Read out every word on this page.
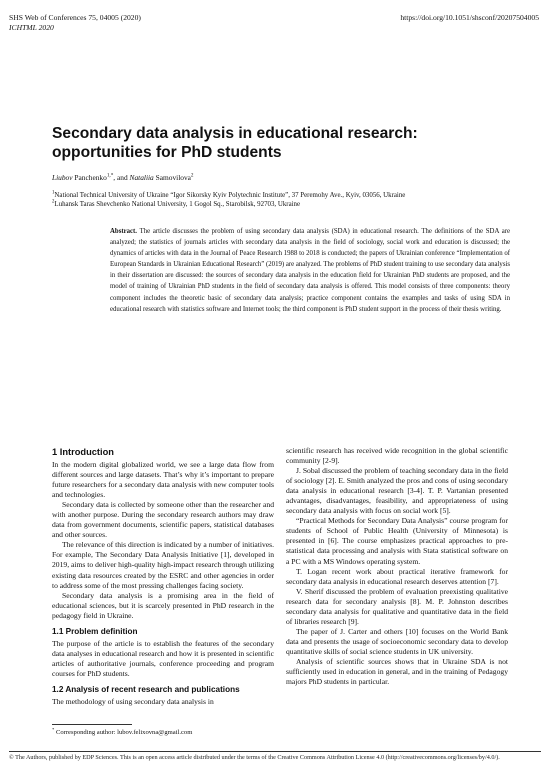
SHS Web of Conferences 75, 04005 (2020)
ICHTML 2020
https://doi.org/10.1051/shsconf/20207504005
Secondary data analysis in educational research: opportunities for PhD students
Liubov Panchenko$^{1,*}$, and Nataliia Samovilova$^2$
$^1$National Technical University of Ukraine “Igor Sikorsky Kyiv Polytechnic Institute”, 37 Peremohy Ave., Kyiv, 03056, Ukraine
$^2$Luhansk Taras Shevchenko National University, 1 Gogol Sq., Starobilsk, 92703, Ukraine
Abstract. The article discusses the problem of using secondary data analysis (SDA) in educational research. The definitions of the SDA are analyzed; the statistics of journals articles with secondary data analysis in the field of sociology, social work and education is discussed; the dynamics of articles with data in the Journal of Peace Research 1988 to 2018 is conducted; the papers of Ukrainian conference “Implementation of European Standards in Ukrainian Educational Research” (2019) are analyzed. The problems of PhD student training to use secondary data analysis in their dissertation are discussed: the sources of secondary data analysis in the education field for Ukrainian PhD students are proposed, and the model of training of Ukrainian PhD students in the field of secondary data analysis is offered. This model consists of three components: theory component includes the theoretic basic of secondary data analysis; practice component contains the examples and tasks of using SDA in educational research with statistics software and Internet tools; the third component is PhD student support in the process of their thesis writing.
1 Introduction

In the modern digital globalized world, we see a large data flow from different sources and large datasets. That’s why it’s important to prepare future researchers for a secondary data analysis with new computer tools and technologies.

Secondary data is collected by someone other than the researcher and with another purpose. During the secondary research authors may draw data from government documents, scientific papers, statistical databases and other sources.

The relevance of this direction is indicated by a number of initiatives. For example, The Secondary Data Analysis Initiative [1], developed in 2019, aims to deliver high-quality high-impact research through utilizing existing data resources created by the ESRC and other agencies in order to address some of the most pressing challenges facing society.

Secondary data analysis is a promising area in the field of educational sciences, but it is scarcely presented in PhD research in the pedagogy field in Ukraine.

1.1 Problem definition

The purpose of the article is to establish the features of the secondary data analyses in educational research and how it is presented in scientific articles of authoritative journals, conference proceeding and program courses for PhD students.

1.2 Analysis of recent research and publications

The methodology of using secondary data analysis in

scientific research has received wide recognition in the global scientific community [2-9].

J. Sobal discussed the problem of teaching secondary data in the field of sociology [2]. E. Smith analyzed the pros and cons of using secondary data analysis in educational research [3-4]. T. P. Vartanian presented advantages, disadvantages, feasibility, and appropriateness of using secondary data analysis with focus on social work [5].

“Practical Methods for Secondary Data Analysis” course program for students of School of Public Health (University of Minnesota) is presented in [6]. The course emphasizes practical approaches to pre-statistical data processing and analysis with Stata statistical software on a PC with a MS Windows operating system.

T. Logan recent work about practical iterative framework for secondary data analysis in educational research deserves attention [7].

V. Sherif discussed the problem of evaluation preexisting qualitative research data for secondary analysis [8]. M. P. Johnston describes secondary data analysis for qualitative and quantitative data in the field of libraries research [9].

The paper of J. Carter and others [10] focuses on the World Bank data and presents the usage of socioeconomic secondary data to develop quantitative skills of social science students in UK university.

Analysis of scientific sources shows that in Ukraine SDA is not sufficiently used in education in general, and in the training of Pedagogy majors PhD students in particular.

* Corresponding author: lubov.felixovna@gmail.com
© The Authors, published by EDP Sciences. This is an open access article distributed under the terms of the Creative Commons Attribution License 4.0 (http://creativecommons.org/licenses/by/4.0/).
